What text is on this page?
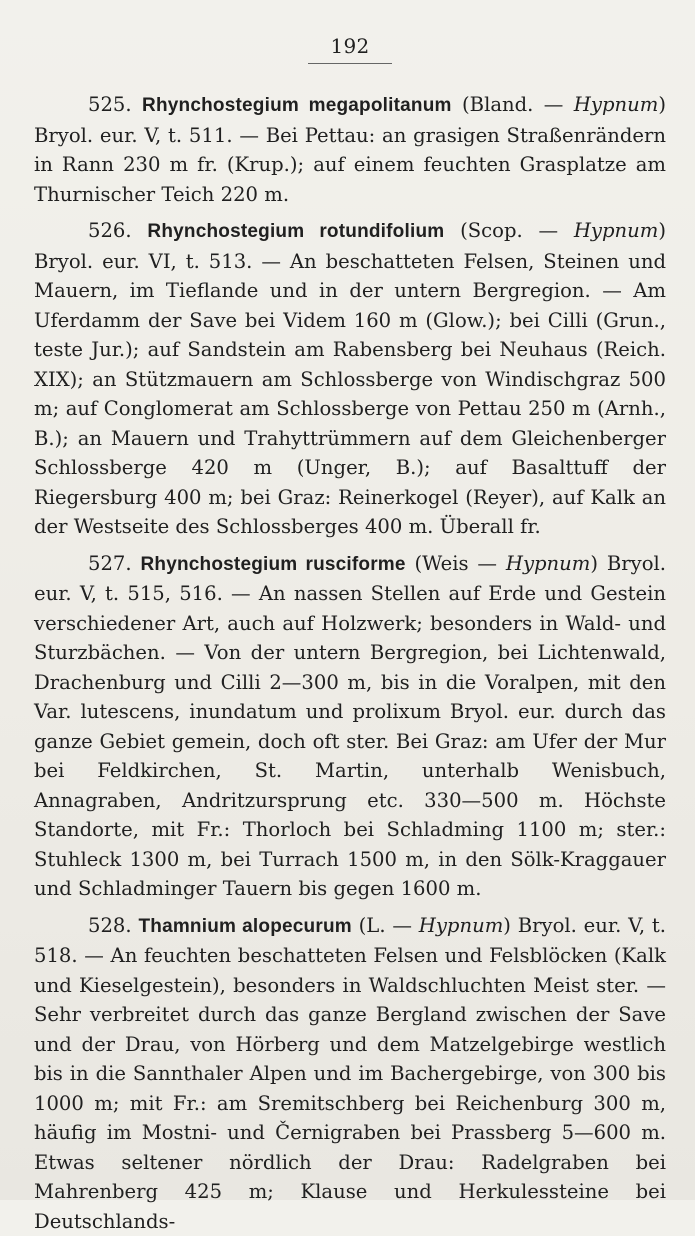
192

525. Rhynchostegium megapolitanum (Bland. — Hypnum) Bryol. eur. V, t. 511. — Bei Pettau: an grasigen Straßenrändern in Rann 230 m fr. (Krup.); auf einem feuchten Grasplatze am Thurnischer Teich 220 m.

526. Rhynchostegium rotundifolium (Scop. — Hypnum) Bryol. eur. VI, t. 513. — An beschatteten Felsen, Steinen und Mauern, im Tieflande und in der untern Bergregion. — Am Uferdamm der Save bei Videm 160 m (Glow.); bei Cilli (Grun., teste Jur.); auf Sandstein am Rabensberg bei Neuhaus (Reich. XIX); an Stützmauern am Schlossberge von Windischgraz 500 m; auf Conglomerat am Schlossberge von Pettau 250 m (Arnh., B.); an Mauern und Trahyttrümmern auf dem Gleichenberger Schlossberge 420 m (Unger, B.); auf Basalttuff der Riegersburg 400 m; bei Graz: Reinerkogel (Reyer), auf Kalk an der Westseite des Schlossberges 400 m. Überall fr.

527. Rhynchostegium rusciforme (Weis — Hypnum) Bryol. eur. V, t. 515, 516. — An nassen Stellen auf Erde und Gestein verschiedener Art, auch auf Holzwerk; besonders in Wald- und Sturzbächen. — Von der untern Bergregion, bei Lichtenwald, Drachenburg und Cilli 2—300 m, bis in die Voralpen, mit den Var. lutescens, inundatum und prolixum Bryol. eur. durch das ganze Gebiet gemein, doch oft ster. Bei Graz: am Ufer der Mur bei Feldkirchen, St. Martin, unterhalb Wenisbuch, Annagraben, Andritzursprung etc. 330—500 m. Höchste Standorte, mit Fr.: Thorloch bei Schladming 1100 m; ster.: Stuhleck 1300 m, bei Turrach 1500 m, in den Sölk-Kraggauer und Schladminger Tauern bis gegen 1600 m.

528. Thamnium alopecurum (L. — Hypnum) Bryol. eur. V, t. 518. — An feuchten beschatteten Felsen und Felsblöcken (Kalk und Kieselgestein), besonders in Waldschluchten Meist ster. — Sehr verbreitet durch das ganze Bergland zwischen der Save und der Drau, von Hörberg und dem Matzelgebirge westlich bis in die Sannthaler Alpen und im Bachergebirge, von 300 bis 1000 m; mit Fr.: am Sremitschberg bei Reichenburg 300 m, häufig im Mostni- und Černigraben bei Prassberg 5—600 m. Etwas seltener nördlich der Drau: Radelgraben bei Mahrenberg 425 m; Klause und Herkulessteine bei Deutschlands-
